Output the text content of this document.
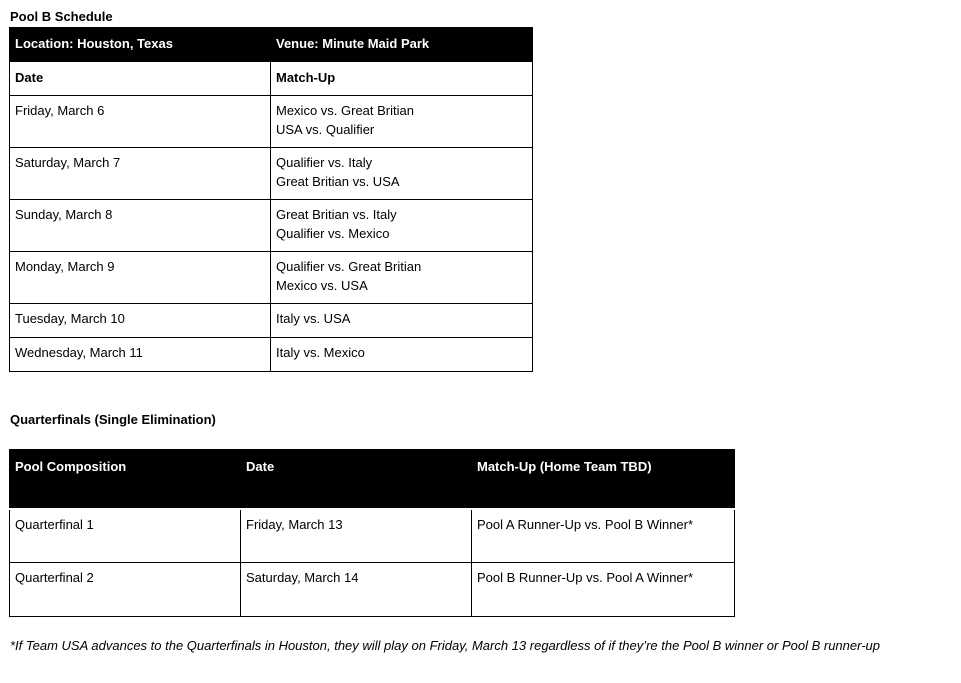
Pool B Schedule
Location: Houston, Texas	Venue: Minute Maid Park
Date	Match-Up
Friday, March 6	Mexico vs. Great Britian
USA vs. Qualifier

Saturday, March 7	Qualifier vs. Italy
Great Britian vs. USA

Sunday, March 8	Great Britian vs. Italy
Qualifier vs. Mexico

Monday, March 9	Qualifier vs. Great Britian
Mexico vs. USA

Tuesday, March 10	Italy vs. USA

Wednesday, March 11	Italy vs. Mexico
Quarterfinals (Single Elimination)
Pool Composition	Date	Match-Up (Home Team TBD)
Quarterfinal 1	Friday, March 13	Pool A Runner-Up vs. Pool B Winner*
Quarterfinal 2	Saturday, March 14	Pool B Runner-Up vs. Pool A Winner*
*If Team USA advances to the Quarterfinals in Houston, they will play on Friday, March 13 regardless of if they’re the Pool B winner or Pool B runner-up
